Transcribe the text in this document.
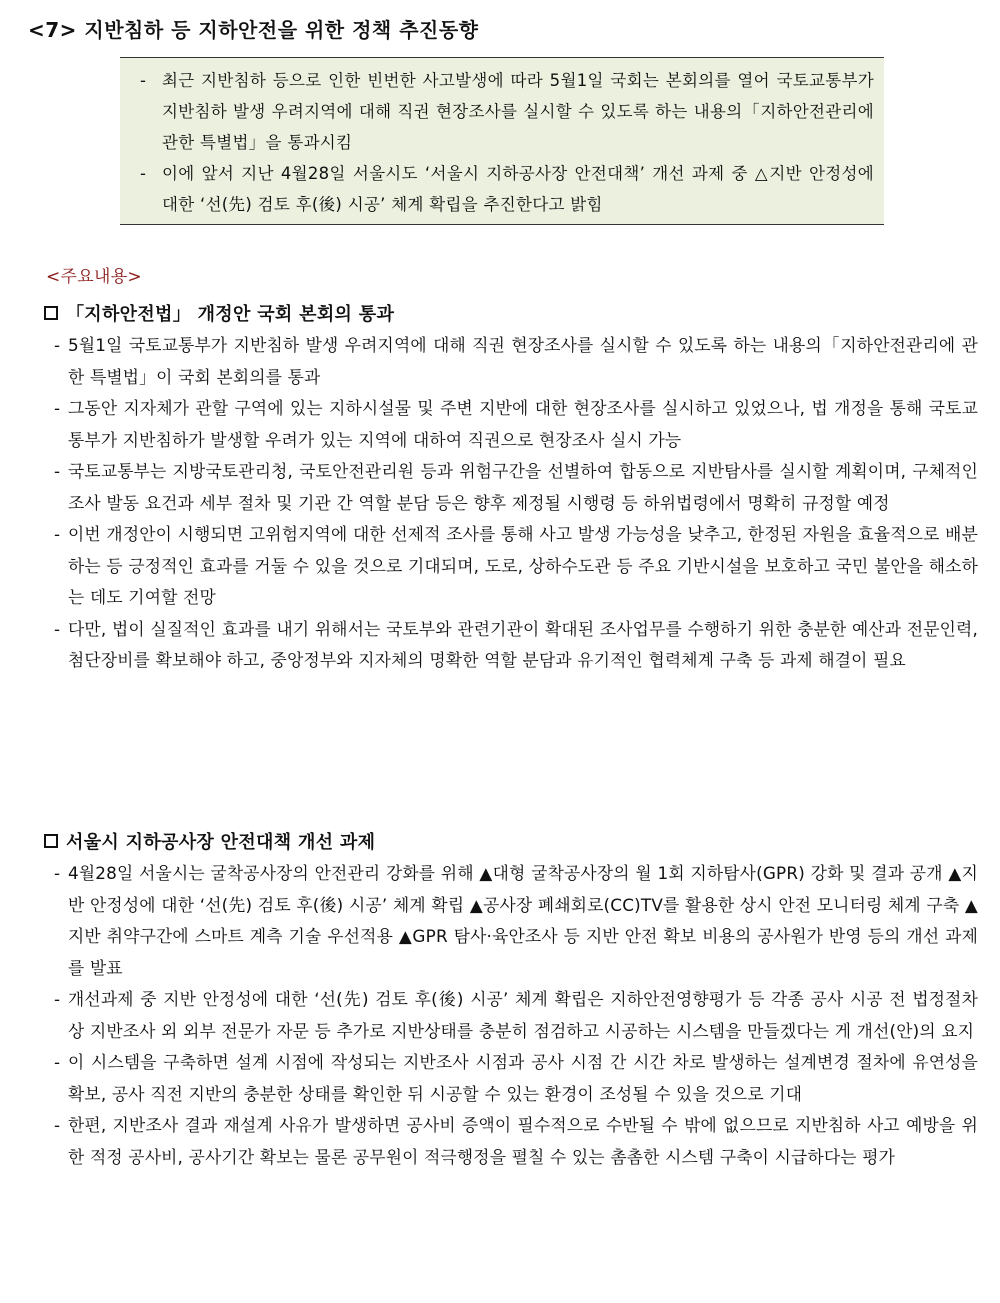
<7> 지반침하 등 지하안전을 위한 정책 추진동향
- 최근 지반침하 등으로 인한 빈번한 사고발생에 따라 5월1일 국회는 본회의를 열어 국토교통부가 지반침하 발생 우려지역에 대해 직권 현장조사를 실시할 수 있도록 하는 내용의「지하안전관리에 관한 특별법」을 통과시킴
- 이에 앞서 지난 4월28일 서울시도 ‘서울시 지하공사장 안전대책’ 개선 과제 중 △지반 안정성에 대한 ‘선(先) 검토 후(後) 시공’ 체계 확립을 추진한다고 밝힘
<주요내용>
「지하안전법」 개정안 국회 본회의 통과
- 5월1일 국토교통부가 지반침하 발생 우려지역에 대해 직권 현장조사를 실시할 수 있도록 하는 내용의「지하안전관리에 관한 특별법」이 국회 본회의를 통과
- 그동안 지자체가 관할 구역에 있는 지하시설물 및 주변 지반에 대한 현장조사를 실시하고 있었으나, 법 개정을 통해 국토교통부가 지반침하가 발생할 우려가 있는 지역에 대하여 직권으로 현장조사 실시 가능
- 국토교통부는 지방국토관리청, 국토안전관리원 등과 위험구간을 선별하여 합동으로 지반탐사를 실시할 계획이며, 구체적인 조사 발동 요건과 세부 절차 및 기관 간 역할 분담 등은 향후 제정될 시행령 등 하위법령에서 명확히 규정할 예정
- 이번 개정안이 시행되면 고위험지역에 대한 선제적 조사를 통해 사고 발생 가능성을 낮추고, 한정된 자원을 효율적으로 배분하는 등 긍정적인 효과를 거둘 수 있을 것으로 기대되며, 도로, 상하수도관 등 주요 기반시설을 보호하고 국민 불안을 해소하는 데도 기여할 전망
- 다만, 법이 실질적인 효과를 내기 위해서는 국토부와 관련기관이 확대된 조사업무를 수행하기 위한 충분한 예산과 전문인력, 첨단장비를 확보해야 하고, 중앙정부와 지자체의 명확한 역할 분담과 유기적인 협력체계 구축 등 과제 해결이 필요
서울시 지하공사장 안전대책 개선 과제
- 4월28일 서울시는 굴착공사장의 안전관리 강화를 위해 ▲대형 굴착공사장의 월 1회 지하탐사(GPR) 강화 및 결과 공개 ▲지반 안정성에 대한 ‘선(先) 검토 후(後) 시공’ 체계 확립 ▲공사장 폐쇄회로(CC)TV를 활용한 상시 안전 모니터링 체계 구축 ▲지반 취약구간에 스마트 계측 기술 우선적용 ▲GPR 탐사·육안조사 등 지반 안전 확보 비용의 공사원가 반영 등의 개선 과제를 발표
- 개선과제 중 지반 안정성에 대한 ‘선(先) 검토 후(後) 시공’ 체계 확립은 지하안전영향평가 등 각종 공사 시공 전 법정절차 상 지반조사 외 외부 전문가 자문 등 추가로 지반상태를 충분히 점검하고 시공하는 시스템을 만들겠다는 게 개선(안)의 요지
- 이 시스템을 구축하면 설계 시점에 작성되는 지반조사 시점과 공사 시점 간 시간 차로 발생하는 설계변경 절차에 유연성을 확보, 공사 직전 지반의 충분한 상태를 확인한 뒤 시공할 수 있는 환경이 조성될 수 있을 것으로 기대
- 한편, 지반조사 결과 재설계 사유가 발생하면 공사비 증액이 필수적으로 수반될 수 밖에 없으므로 지반침하 사고 예방을 위한 적정 공사비, 공사기간 확보는 물론 공무원이 적극행정을 펼칠 수 있는 촘촘한 시스템 구축이 시급하다는 평가
